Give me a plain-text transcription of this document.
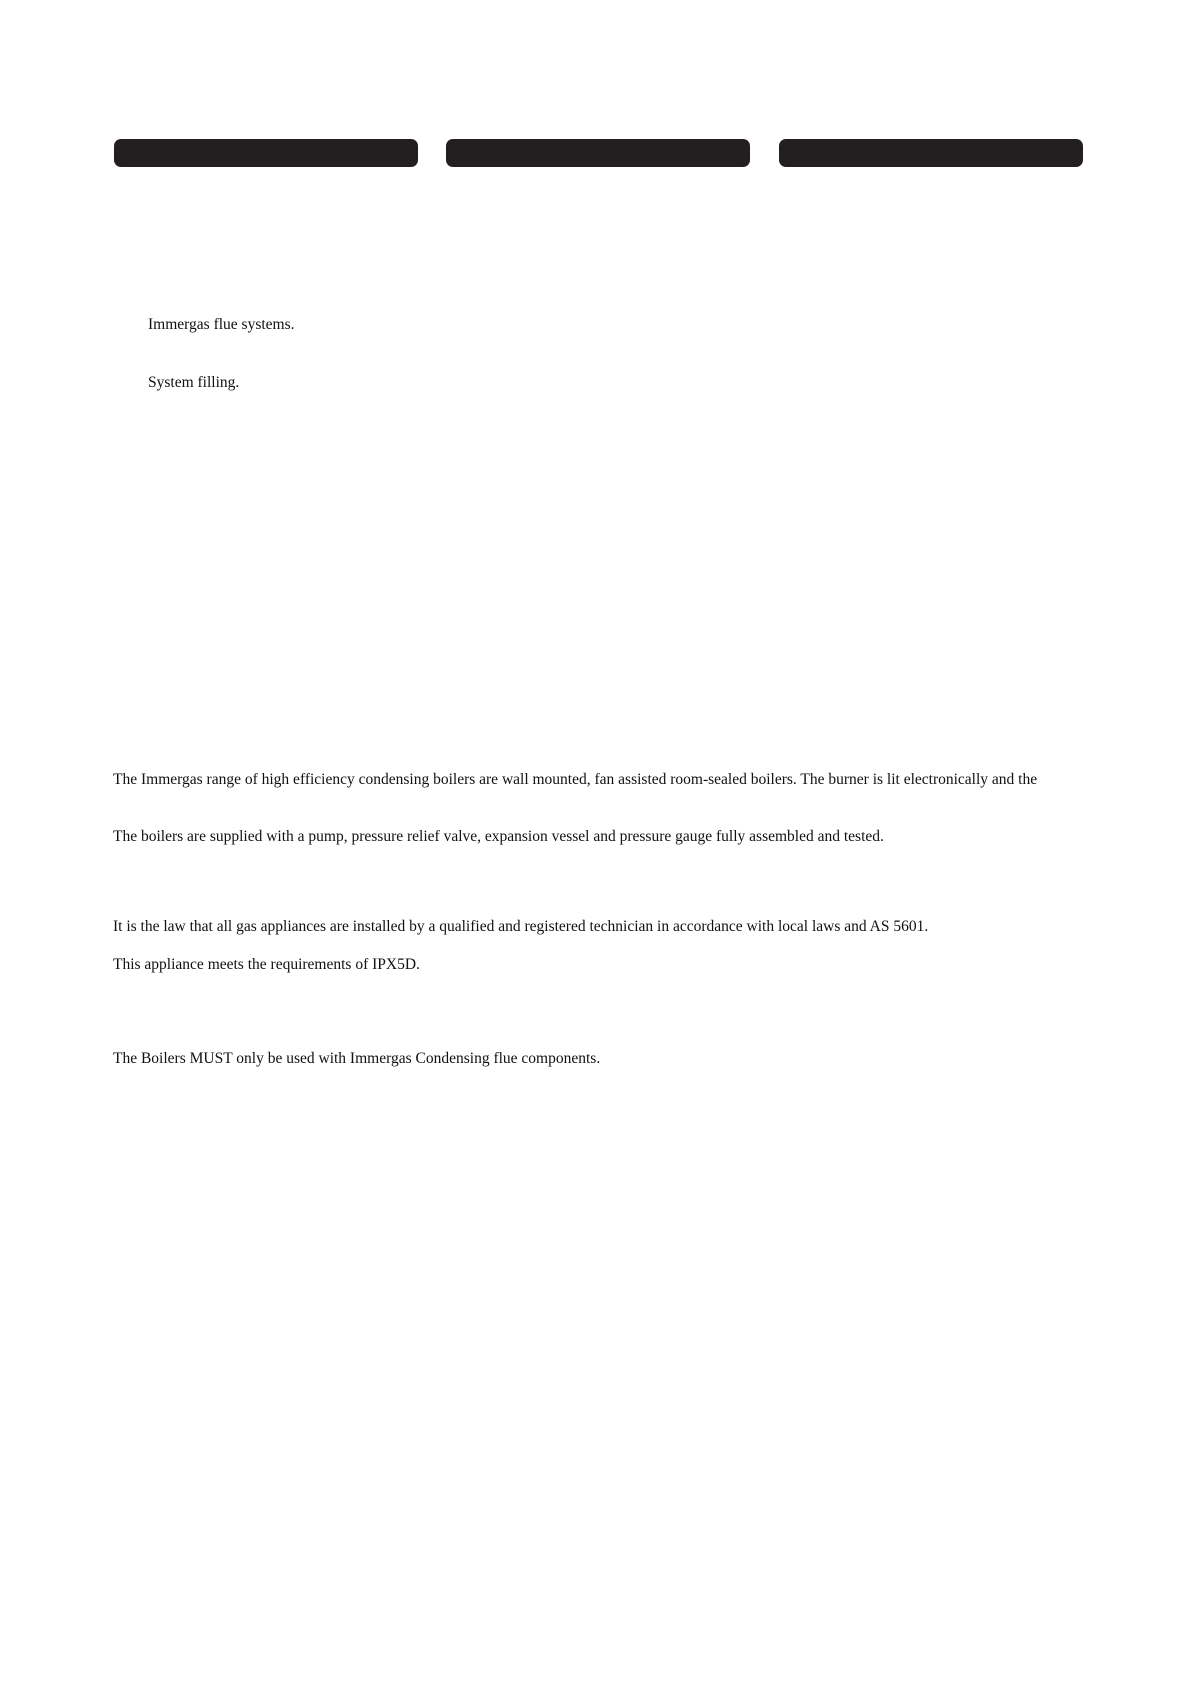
Immergas flue systems.
System filling.
The Immergas range of high efficiency condensing boilers are wall mounted, fan assisted room-sealed boilers. The burner is lit electronically and the
The boilers are supplied with a pump, pressure relief valve, expansion vessel and pressure gauge fully assembled and tested.
It is the law that all gas appliances are installed by a qualified and registered technician in accordance with local laws and AS 5601.
This appliance meets the requirements of IPX5D.
The Boilers MUST only be used with Immergas Condensing flue components.
